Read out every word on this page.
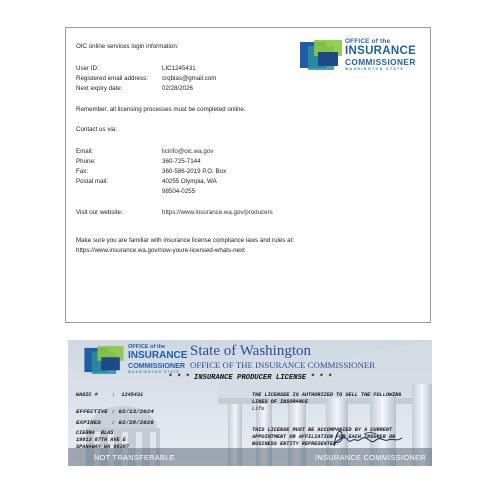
OFFICE of the
INSURANCE
COMMISSIONER
WASHINGTON STATE
OIC online services login information:
User ID:	LIC1245431
Registered email address: crqblas@gmail.com
Next expiry date:	02/28/2026
Remember, all licensing processes must be completed online.
Contact us via:
Email:	licinfo@oic.wa.gov
Phone:	360-725-7144
Fax:	360-586-2019 P.O. Box
Postal mail:	40255 Olympia, WA
98504-0255
Visit our website:	https://www.insurance.wa.gov/producers
Make sure you are familiar with insurance license compliance laws and rules at:
https://www.insurance.wa.gov/now-youre-licensed-whats-next
OFFICE of the
INSURANCE
COMMISSIONER
WASHINGTON STATE
State of Washington
OFFICE OF THE INSURANCE COMMISSIONER
* * * INSURANCE PRODUCER LICENSE * * *
WAOIC #	:  1245431
EFFECTIVE : 02/13/2024
EXPIRES   : 02/28/2026
CIERRA  BLAS
19813 87TH AVE E
SPANAWAY WA 98387
THE LICENSEE IS AUTHORIZED TO SELL THE FOLLOWING
LINES OF INSURANCE
Life
THIS LICENSE MUST BE ACCOMPANIED BY A CURRENT
APPOINTMENT OR AFFILIATION FOR EACH INSURER OR
BUSINESS ENTITY REPRESENTED.
NOT TRANSFERABLE	INSURANCE COMMISSIONER
